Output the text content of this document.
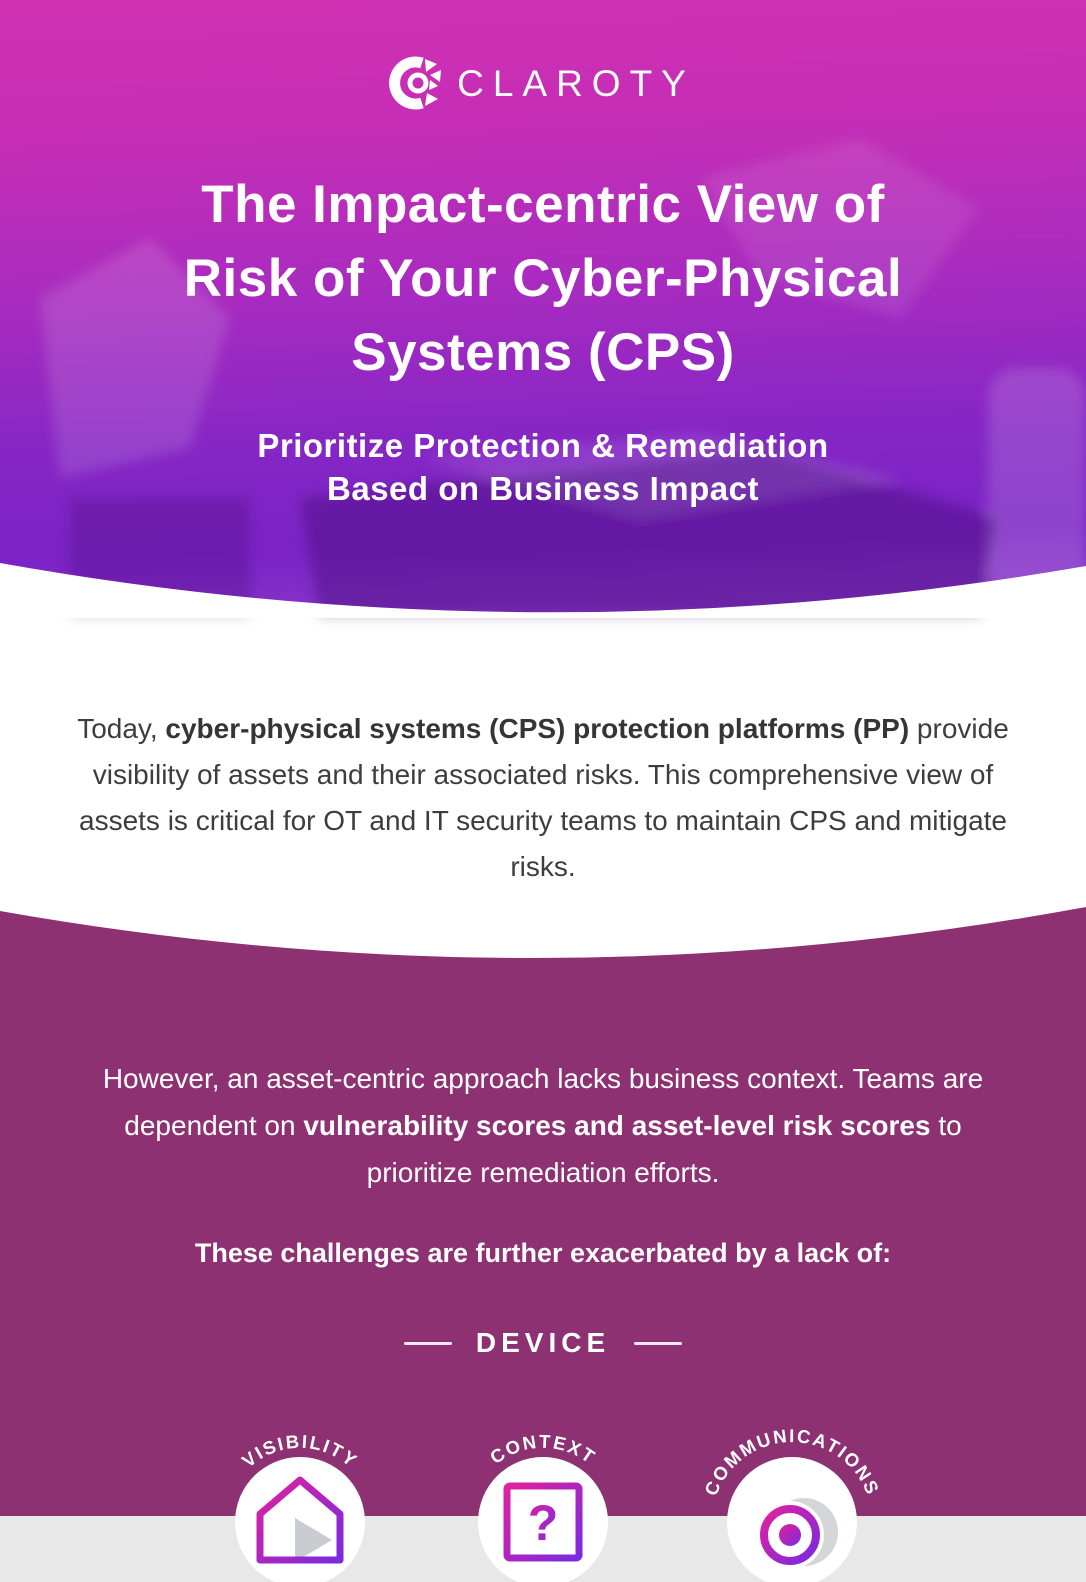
CLAROTY
The Impact-centric View of
Risk of Your Cyber-Physical
Systems (CPS)
Prioritize Protection & Remediation
Based on Business Impact

Today, cyber-physical systems (CPS) protection platforms (PP) provide visibility of assets and their associated risks. This comprehensive view of assets is critical for OT and IT security teams to maintain CPS and mitigate risks.

However, an asset-centric approach lacks business context. Teams are dependent on vulnerability scores and asset-level risk scores to prioritize remediation efforts.

These challenges are further exacerbated by a lack of:

DEVICE
VISIBILITY	CONTEXT
?
COMMUNICATIONS
